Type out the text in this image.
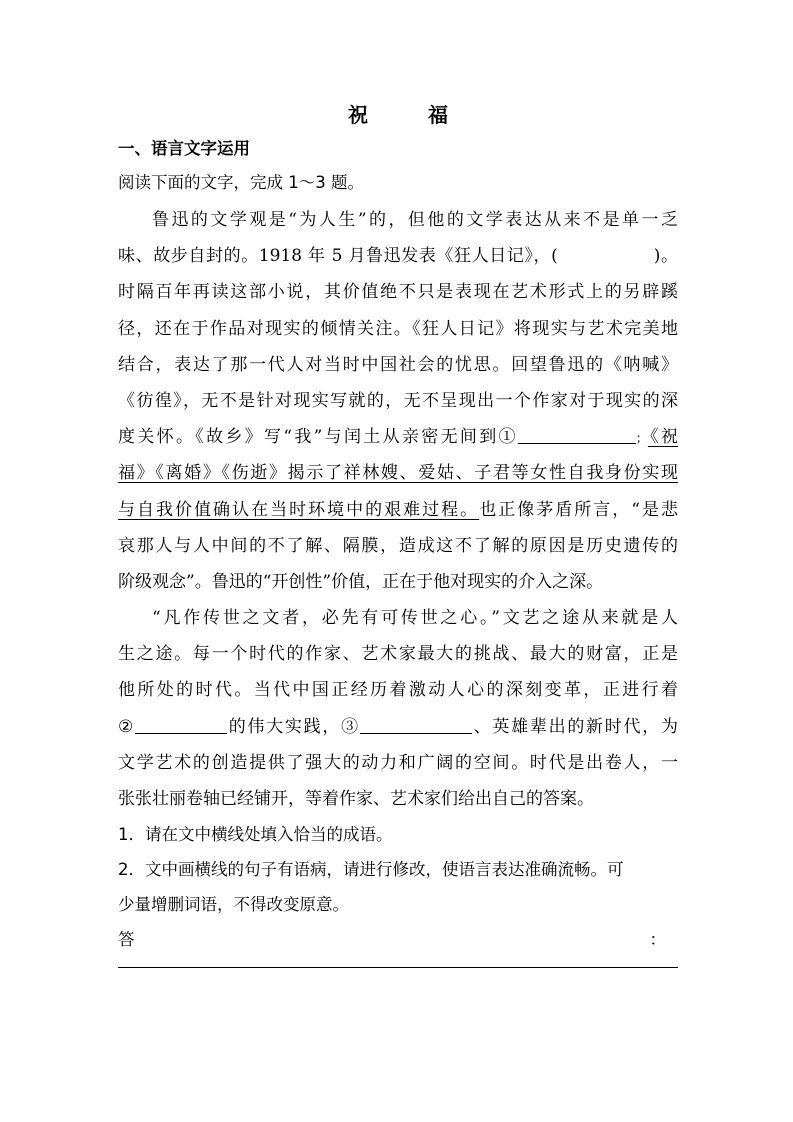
祝　福
一、语言文字运用
阅读下面的文字，完成 1～3 题。
鲁迅的文学观是“为人生”的，但他的文学表达从来不是单一乏
味、故步自封的。1918 年 5 月鲁迅发表《狂人日记》，(	)。
时隔百年再读这部小说，其价值绝不只是表现在艺术形式上的另辟蹊
径，还在于作品对现实的倾情关注。《狂人日记》将现实与艺术完美地
结合，表达了那一代人对当时中国社会的忧思。回望鲁迅的《呐喊》
《彷徨》，无不是针对现实写就的，无不呈现出一个作家对于现实的深
度关怀。《故乡》写“我”与闰土从亲密无间到①	；《祝
福》《离婚》《伤逝》揭示了祥林嫂、爱姑、子君等女性自我身份实现
与自我价值确认在当时环境中的艰难过程。也正像茅盾所言，“是悲
哀那人与人中间的不了解、隔膜，造成这不了解的原因是历史遗传的
阶级观念”。鲁迅的“开创性”价值，正在于他对现实的介入之深。
“凡作传世之文者，必先有可传世之心。”文艺之途从来就是人
生之途。每一个时代的作家、艺术家最大的挑战、最大的财富，正是
他所处的时代。当代中国正经历着激动人心的深刻变革，正进行着
②	的伟大实践，③	、英雄辈出的新时代，为
文学艺术的创造提供了强大的动力和广阔的空间。时代是出卷人，一
张张壮丽卷轴已经铺开，等着作家、艺术家们给出自己的答案。
1．请在文中横线处填入恰当的成语。
2．文中画横线的句子有语病，请进行修改，使语言表达准确流畅。可
少量增删词语，不得改变原意。
答	：
